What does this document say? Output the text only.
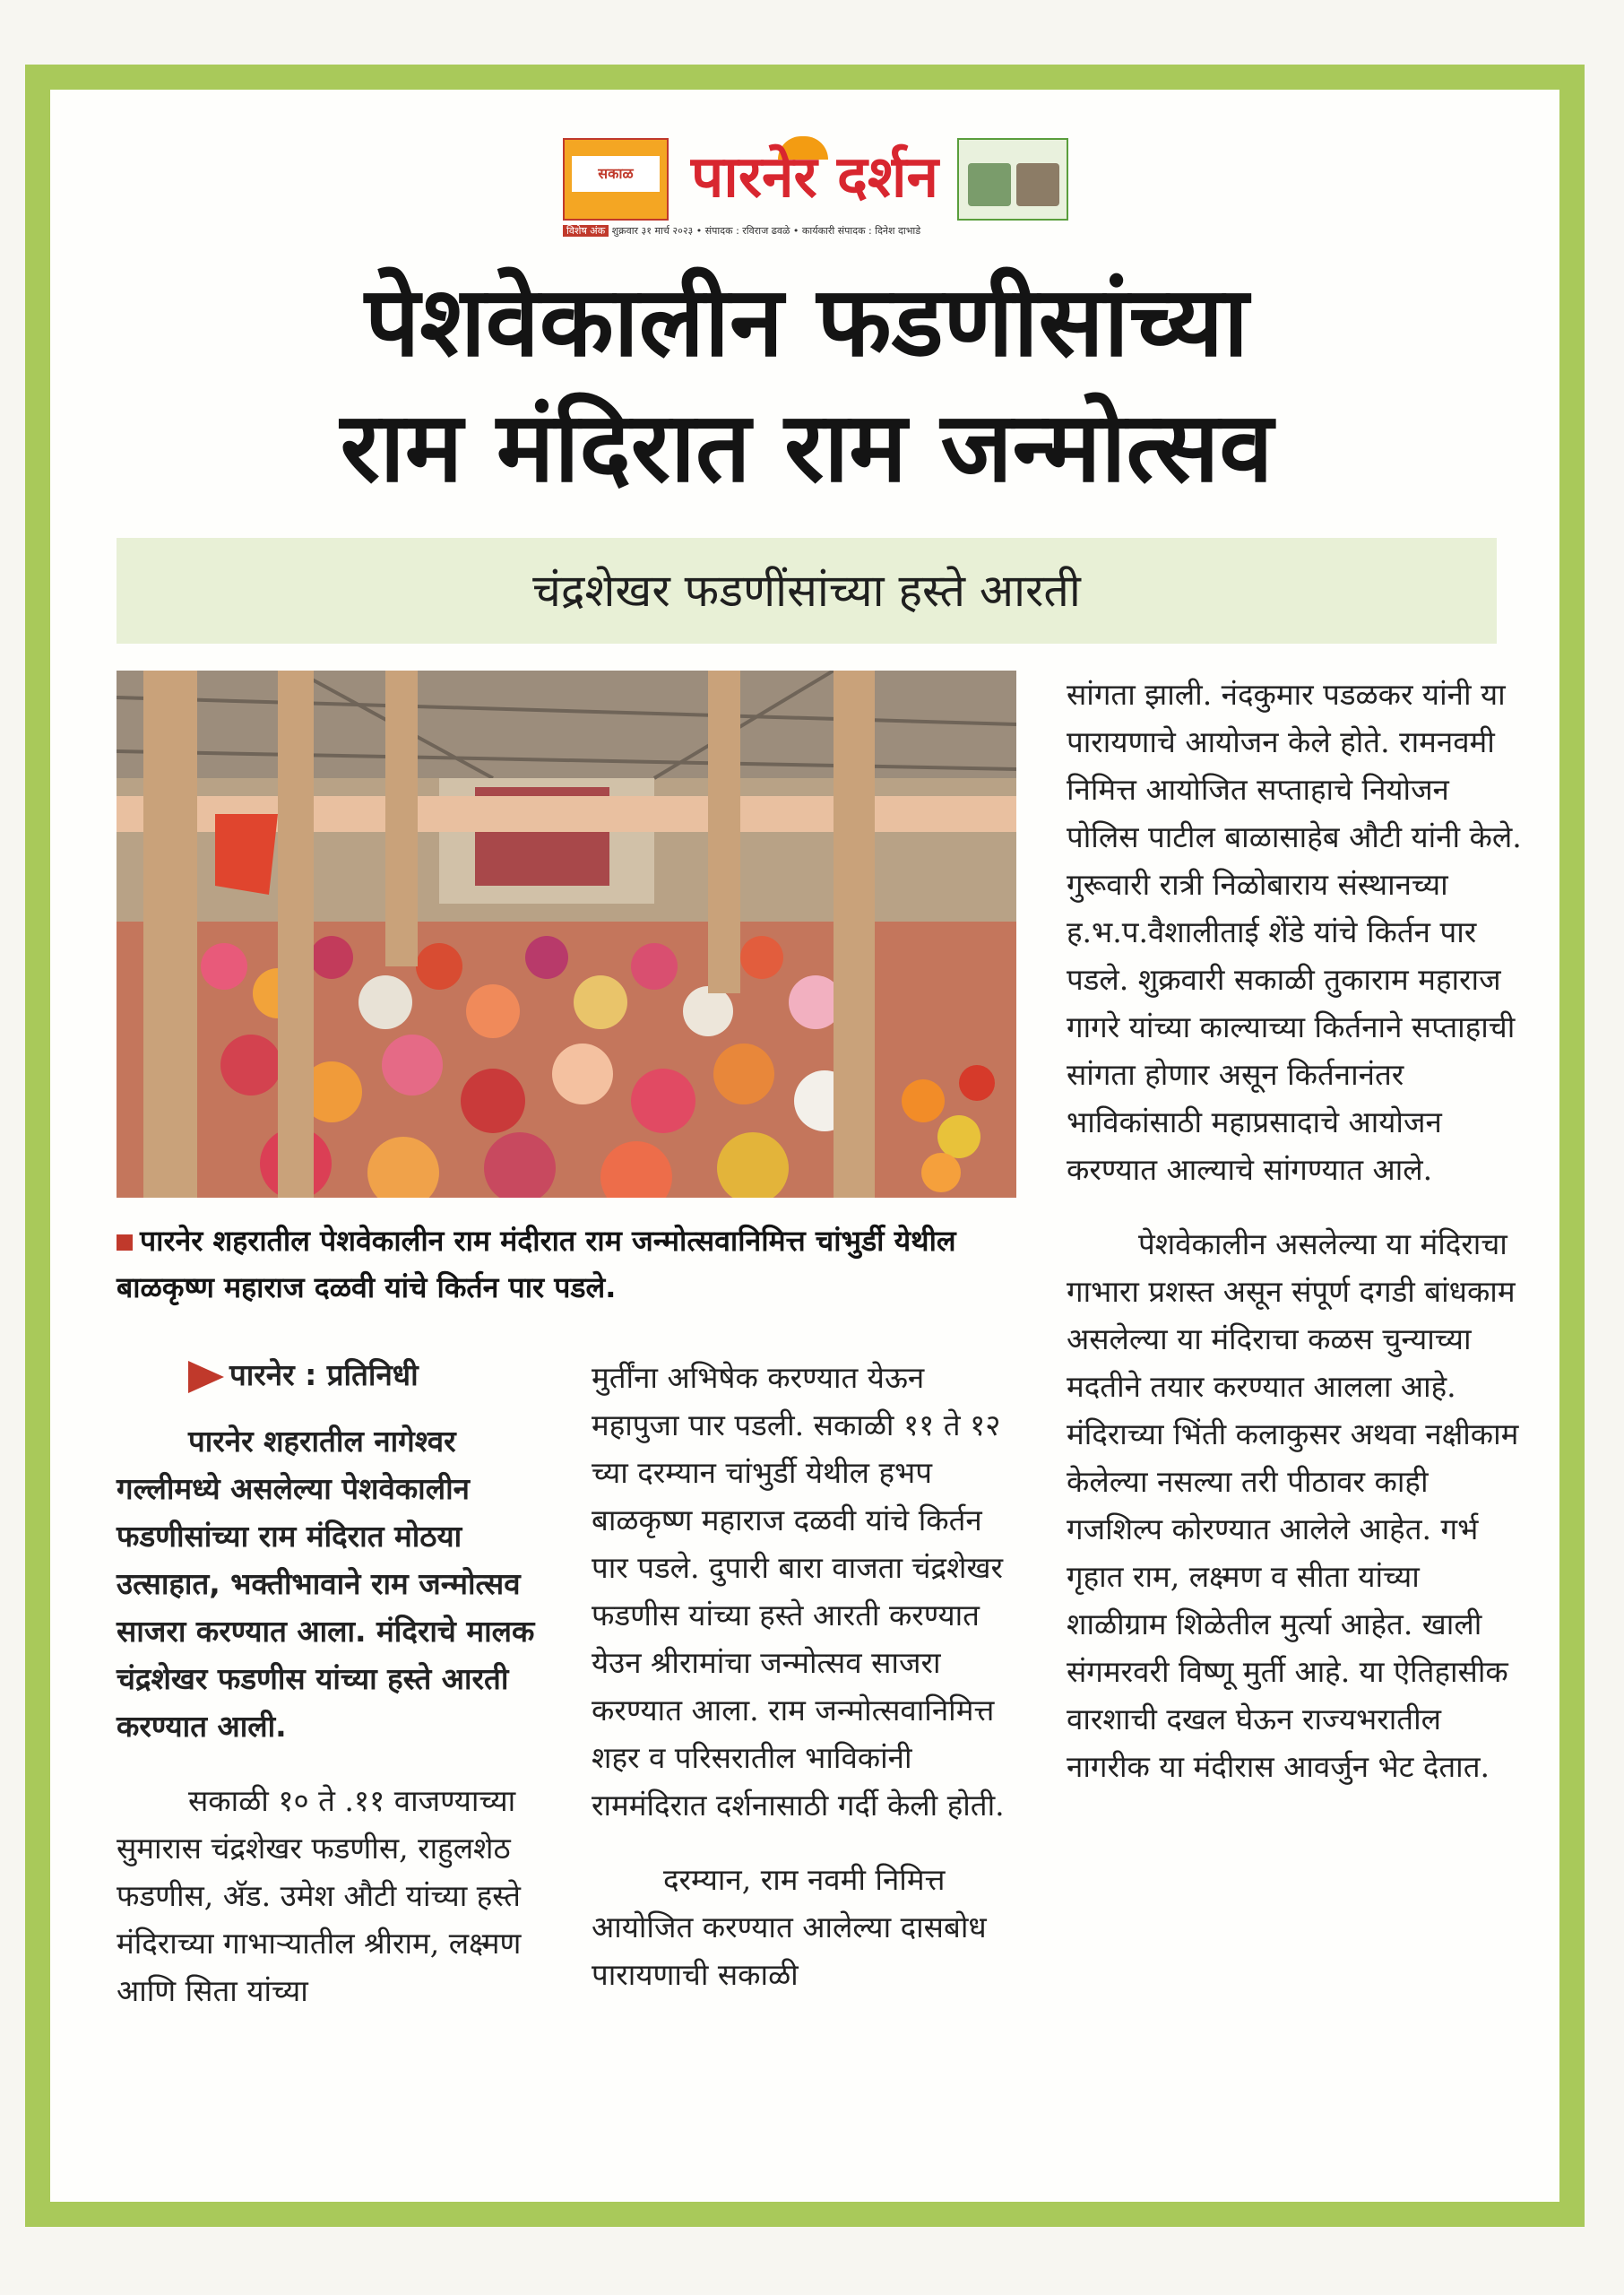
सकाळ	पारनेर दर्शन
विशेष अंक शुक्रवार ३१ मार्च २०२३ • संपादक : रविराज ढवळे • कार्यकारी संपादक : दिनेश दाभाडे
पेशवेकालीन फडणीसांच्या
राम मंदिरात राम जन्मोत्सव
चंद्रशेखर फडणींसांच्या हस्ते आरती
पारनेर शहरातील पेशवेकालीन राम मंदीरात राम जन्मोत्सवानिमित्त चांभुर्डी येथील बाळकृष्ण महाराज दळवी यांचे किर्तन पार पडले.
पारनेर : प्रतिनिधी

पारनेर शहरातील नागेश्वर गल्लीमध्ये असलेल्या पेशवेकालीन फडणीसांच्या राम मंदिरात मोठया उत्साहात, भक्तीभावाने राम जन्मोत्सव साजरा करण्यात आला. मंदिराचे मालक चंद्रशेखर फडणीस यांच्या हस्ते आरती करण्यात आली.

सकाळी १० ते .११ वाजण्याच्या सुमारास चंद्रशेखर फडणीस, राहुलशेठ फडणीस, अ‍ॅड. उमेश औटी यांच्या हस्ते मंदिराच्या गाभाऱ्यातील श्रीराम, लक्ष्मण आणि सिता यांच्या

मुर्तींना अभिषेक करण्यात येऊन महापुजा पार पडली. सकाळी ११ ते १२ च्या दरम्यान चांभुर्डी येथील हभप बाळकृष्ण महाराज दळवी यांचे किर्तन पार पडले. दुपारी बारा वाजता चंद्रशेखर फडणीस यांच्या हस्ते आरती करण्यात येउन श्रीरामांचा जन्मोत्सव साजरा करण्यात आला. राम जन्मोत्सवानिमित्त शहर व परिसरातील भाविकांनी राममंदिरात दर्शनासाठी गर्दी केली होती.

दरम्यान, राम नवमी निमित्त आयोजित करण्यात आलेल्या दासबोध पारायणाची सकाळी

सांगता झाली. नंदकुमार पडळकर यांनी या पारायणाचे आयोजन केले होते. रामनवमी निमित्त आयोजित सप्ताहाचे नियोजन पोलिस पाटील बाळासाहेब औटी यांनी केले. गुरूवारी रात्री निळोबाराय संस्थानच्या ह.भ.प.वैशालीताई शेंडे यांचे किर्तन पार पडले. शुक्रवारी सकाळी तुकाराम महाराज गागरे यांच्या काल्याच्या किर्तनाने सप्ताहाची सांगता होणार असून किर्तनानंतर भाविकांसाठी महाप्रसादाचे आयोजन करण्यात आल्याचे सांगण्यात आले.

पेशवेकालीन असलेल्या या मंदिराचा गाभारा प्रशस्त असून संपूर्ण दगडी बांधकाम असलेल्या या मंदिराचा कळस चुन्याच्या मदतीने तयार करण्यात आलला आहे. मंदिराच्या भिंती कलाकुसर अथवा नक्षीकाम केलेल्या नसल्या तरी पीठावर काही गजशिल्प कोरण्यात आलेले आहेत. गर्भ गृहात राम, लक्ष्मण व सीता यांच्या शाळीग्राम शिळेतील मुर्त्या आहेत. खाली संगमरवरी विष्णू मुर्ती आहे. या ऐतिहासीक वारशाची दखल घेऊन राज्यभरातील नागरीक या मंदीरास आवर्जुन भेट देतात.
